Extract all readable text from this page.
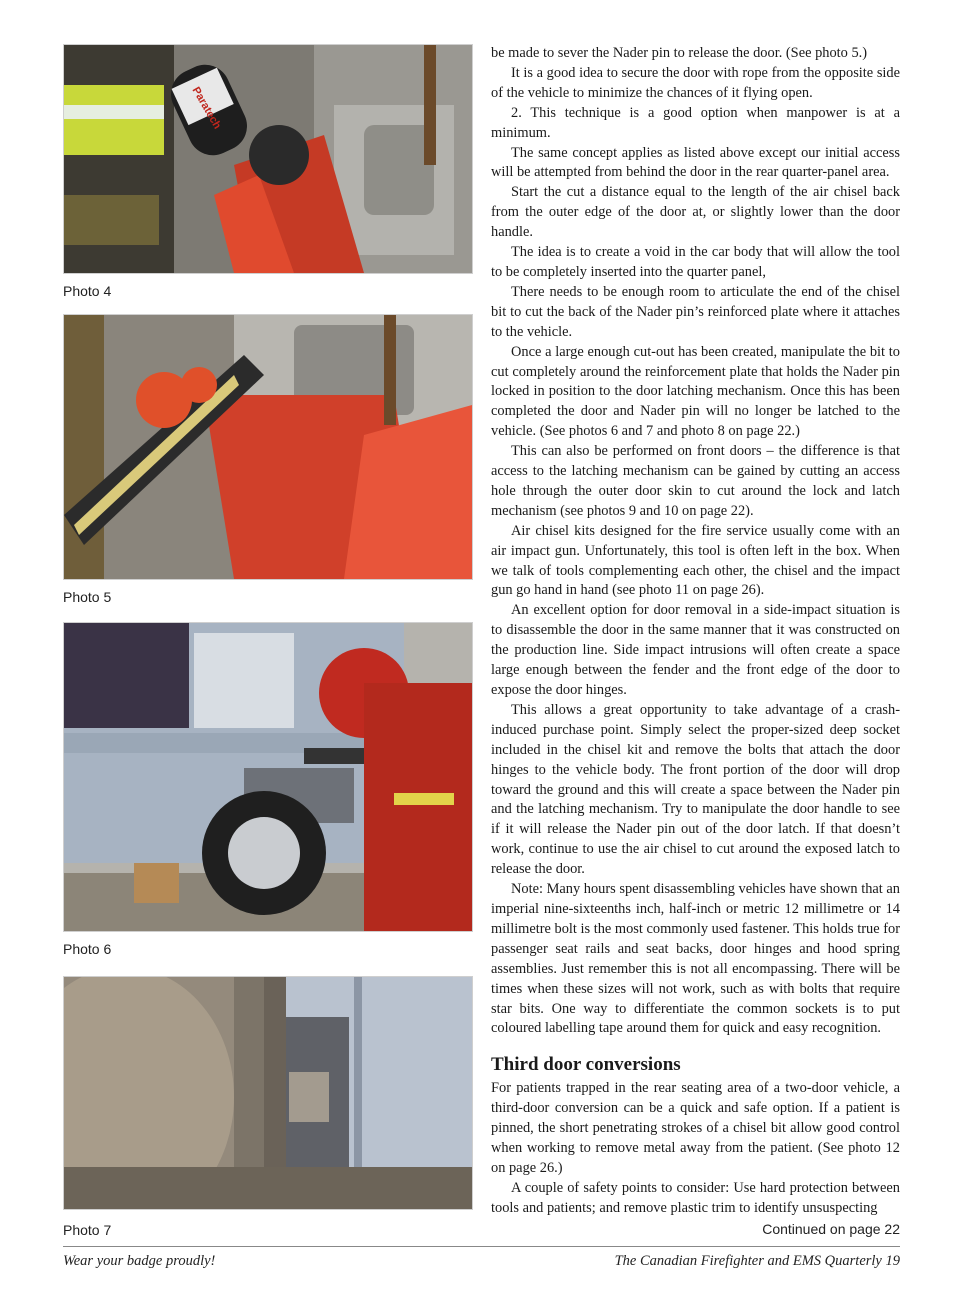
Paratech
Photo 4
Photo 5
Photo 6
Photo 7

be made to sever the Nader pin to release the door. (See photo 5.)

It is a good idea to secure the door with rope from the opposite side of the vehicle to minimize the chances of it flying open.

2. This technique is a good option when manpower is at a minimum.

The same concept applies as listed above except our initial access will be attempted from behind the door in the rear quarter-panel area.

Start the cut a distance equal to the length of the air chisel back from the outer edge of the door at, or slightly lower than the door handle.

The idea is to create a void in the car body that will allow the tool to be completely inserted into the quarter panel,

There needs to be enough room to articulate the end of the chisel bit to cut the back of the Nader pin’s reinforced plate where it attaches to the vehicle.

Once a large enough cut-out has been created, manipulate the bit to cut completely around the reinforcement plate that holds the Nader pin locked in position to the door latching mechanism. Once this has been completed the door and Nader pin will no longer be latched to the vehicle. (See photos 6 and 7 and photo 8 on page 22.)

This can also be performed on front doors – the difference is that access to the latching mechanism can be gained by cutting an access hole through the outer door skin to cut around the lock and latch mechanism (see photos 9 and 10 on page 22).

Air chisel kits designed for the fire service usually come with an air impact gun. Unfortunately, this tool is often left in the box. When we talk of tools complementing each other, the chisel and the impact gun go hand in hand (see photo 11 on page 26).

An excellent option for door removal in a side-impact situation is to disassemble the door in the same manner that it was constructed on the production line. Side impact intrusions will often create a space large enough between the fender and the front edge of the door to expose the door hinges.

This allows a great opportunity to take advantage of a crash-induced purchase point. Simply select the proper-sized deep socket included in the chisel kit and remove the bolts that attach the door hinges to the vehicle body. The front portion of the door will drop toward the ground and this will create a space between the Nader pin and the latching mechanism. Try to manipulate the door handle to see if it will release the Nader pin out of the door latch. If that doesn’t work, continue to use the air chisel to cut around the exposed latch to release the door.

Note: Many hours spent disassembling vehicles have shown that an imperial nine-sixteenths inch, half-inch or metric 12 millimetre or 14 millimetre bolt is the most commonly used fastener. This holds true for passenger seat rails and seat backs, door hinges and hood spring assemblies. Just remember this is not all encompassing. There will be times when these sizes will not work, such as with bolts that require star bits. One way to differentiate the common sockets is to put coloured labelling tape around them for quick and easy recognition.

Third door conversions

For patients trapped in the rear seating area of a two-door vehicle, a third-door conversion can be a quick and safe option. If a patient is pinned, the short penetrating strokes of a chisel bit allow good control when working to remove metal away from the patient. (See photo 12 on page 26.)

A couple of safety points to consider: Use hard protection between tools and patients; and remove plastic trim to identify unsuspecting

Continued on page 22
Wear your badge proudly!	The Canadian Firefighter and EMS Quarterly 19
